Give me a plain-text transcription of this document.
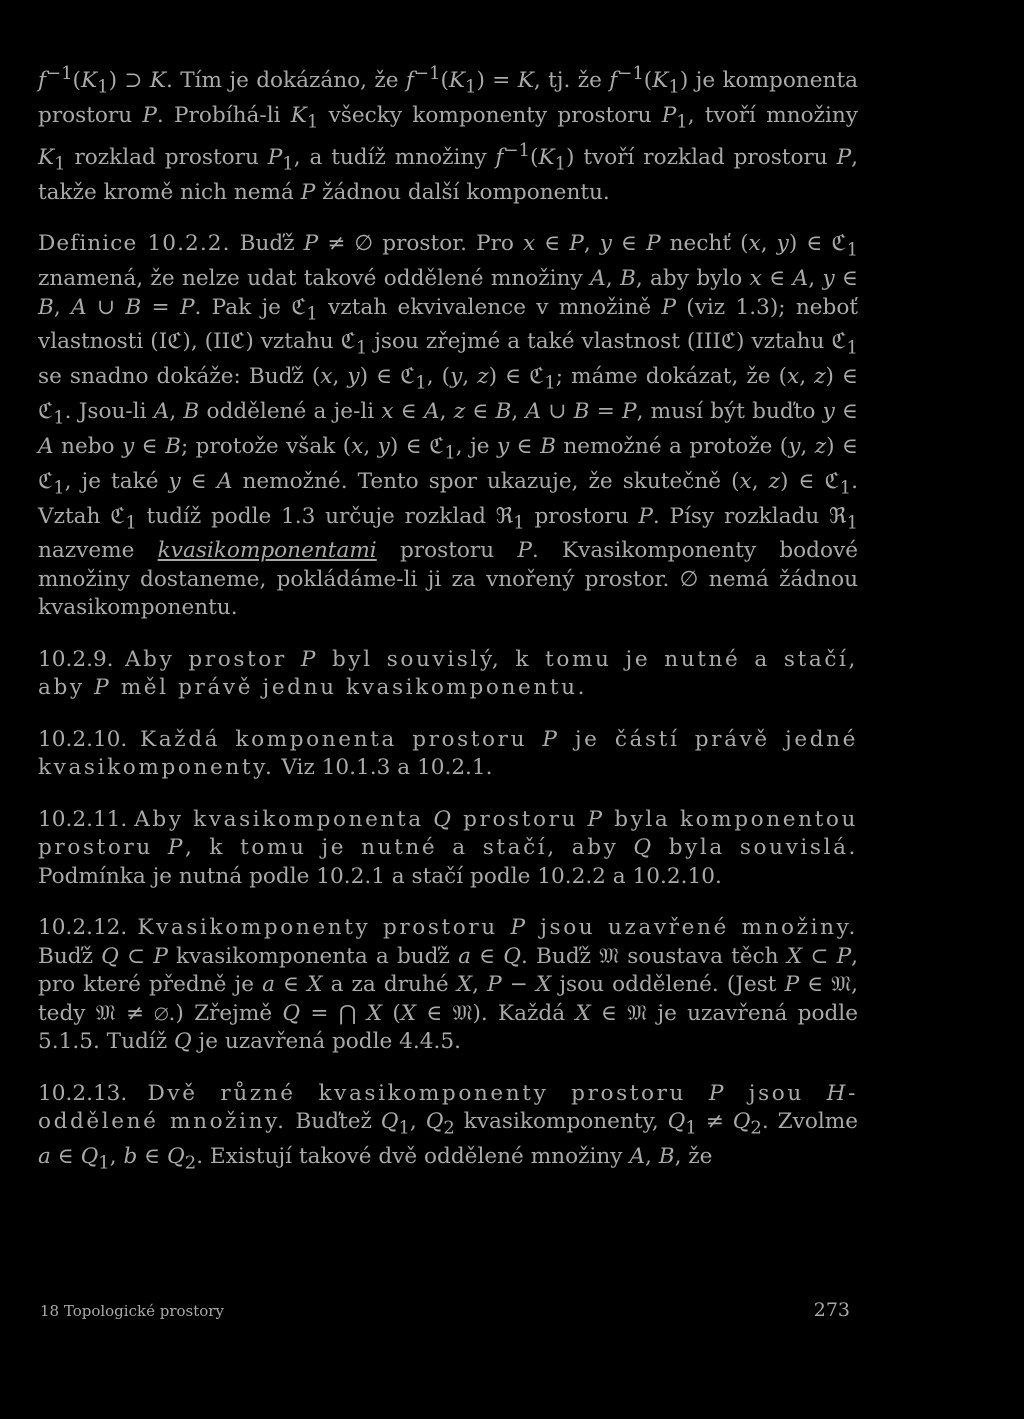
$f^{-1}(K_1)$ ⊃ K. Tím je dokázáno, že $f^{-1}(K_1) = K$, tj. že $f^{-1}(K_1)$ je komponenta prostoru P. Probíhá-li $K_1$ všecky komponenty prostoru $P_1$, tvoří množiny $K_1$ rozklad prostoru $P_1$, a tudíž množiny $f^{-1}(K_1)$ tvoří rozklad prostoru P, takže kromě nich nemá P žádnou další komponentu.

Definice 10.2.2. Buďž P ≠ ∅ prostor. Pro x ∈ P, y ∈ P nechť (x, y) ∈ ℭ$_1$ znamená, že nelze udat takové oddělené množiny A, B, aby bylo x ∈ A, y ∈ B, A ∪ B = P. Pak je ℭ$_1$ vztah ekvivalence v množině P (viz 1.3); neboť vlastnosti (Iℭ), (IIℭ) vztahu ℭ$_1$ jsou zřejmé a také vlastnost (IIIℭ) vztahu ℭ$_1$ se snadno dokáže: Buďž (x, y) ∈ ℭ$_1$, (y, z) ∈ ℭ$_1$; máme dokázat, že (x, z) ∈ ℭ$_1$. Jsou-li A, B oddělené a je-li x ∈ A, z ∈ B, A ∪ B = P, musí být buďto y ∈ A nebo y ∈ B; protože však (x, y) ∈ ℭ$_1$, je y ∈ B nemožné a protože (y, z) ∈ ℭ$_1$, je také y ∈ A nemožné. Tento spor ukazuje, že skutečně (x, z) ∈ ℭ$_1$. Vztah ℭ$_1$ tudíž podle 1.3 určuje rozklad ℜ$_1$ prostoru P. Písy rozkladu ℜ$_1$ nazveme kvasikomponentami prostoru P. Kvasikomponenty bodové množiny dostaneme, pokládáme-li ji za vnořený prostor. ∅ nemá žádnou kvasikomponentu.

10.2.9. Aby prostor P byl souvislý, k tomu je nutné a stačí, aby P měl právě jednu kvasikomponentu.

10.2.10. Každá komponenta prostoru P je částí právě jedné kvasikomponenty. Viz 10.1.3 a 10.2.1.

10.2.11. Aby kvasikomponenta Q prostoru P byla komponentou prostoru P, k tomu je nutné a stačí, aby Q byla souvislá. Podmínka je nutná podle 10.2.1 a stačí podle 10.2.2 a 10.2.10.

10.2.12. Kvasikomponenty prostoru P jsou uzavřené množiny. Buďž Q ⊂ P kvasikomponenta a buďž a ∈ Q. Buďž 𝔐 soustava těch X ⊂ P, pro které předně je a ∈ X a za druhé X, P − X jsou oddělené. (Jest P ∈ 𝔐, tedy 𝔐 ≠ ∅.) Zřejmě Q = ⋂ X (X ∈ 𝔐). Každá X ∈ 𝔐 je uzavřená podle 5.1.5. Tudíž Q je uzavřená podle 4.4.5.

10.2.13. Dvě různé kvasikomponenty prostoru P jsou H-oddělené množiny. Buďtež $Q_1$, $Q_2$ kvasikomponenty, $Q_1 \ne Q_2$. Zvolme a ∈ $Q_1$, b ∈ $Q_2$. Existují takové dvě oddělené množiny A, B, že

18 Topologické prostory	273
